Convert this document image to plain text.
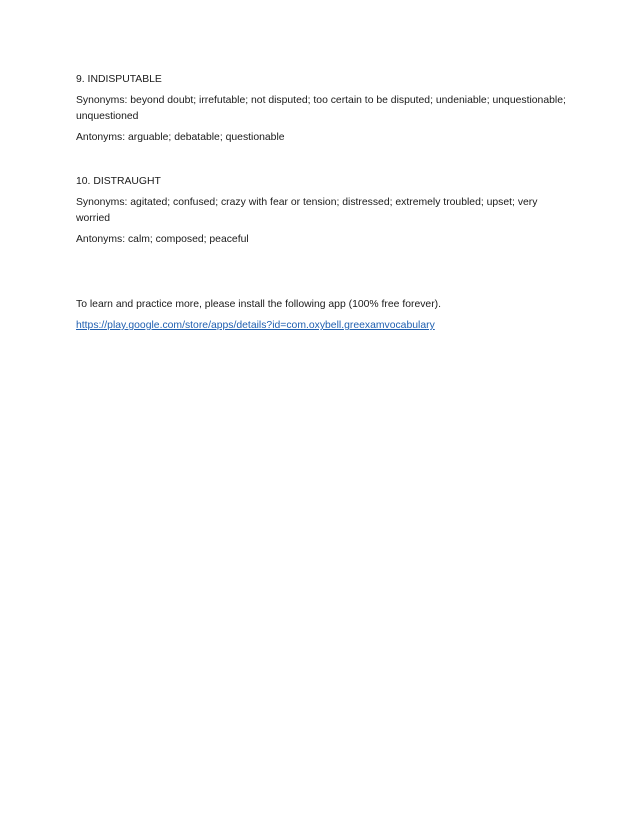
9. INDISPUTABLE

Synonyms: beyond doubt; irrefutable; not disputed; too certain to be disputed; undeniable; unquestionable; unquestioned

Antonyms: arguable; debatable; questionable

10. DISTRAUGHT

Synonyms: agitated; confused; crazy with fear or tension; distressed; extremely troubled; upset; very worried

Antonyms: calm; composed; peaceful

To learn and practice more, please install the following app (100% free forever).

https://play.google.com/store/apps/details?id=com.oxybell.greexamvocabulary
